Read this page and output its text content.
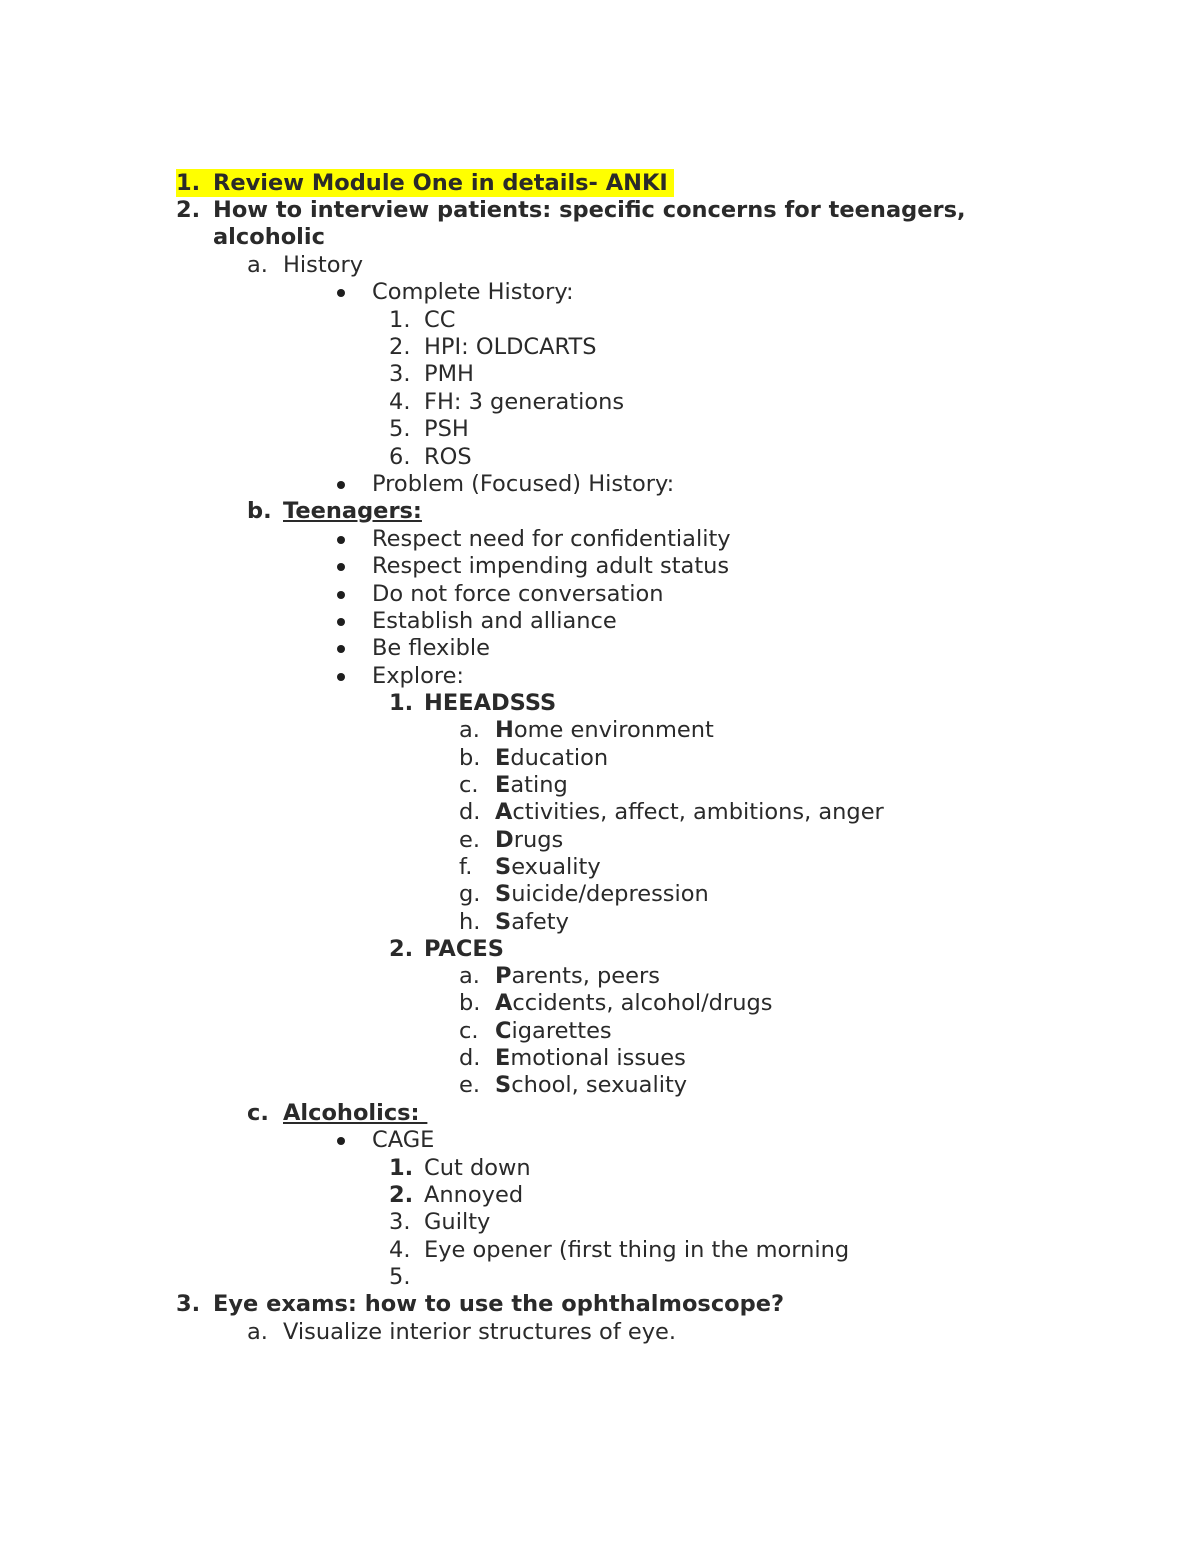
1. Review Module One in details- ANKI
2. How to interview patients: specific concerns for teenagers,
alcoholic
a. History
Complete History:
1. CC
2. HPI: OLDCARTS
3. PMH
4. FH: 3 generations
5. PSH
6. ROS
Problem (Focused) History:
b. Teenagers:
Respect need for confidentiality
Respect impending adult status
Do not force conversation
Establish and alliance
Be flexible
Explore:
1. HEEADSSS
a. Home environment
b. Education
c. Eating
d. Activities, affect, ambitions, anger
e. Drugs
f. Sexuality
g. Suicide/depression
h. Safety
2. PACES
a. Parents, peers
b. Accidents, alcohol/drugs
c. Cigarettes
d. Emotional issues
e. School, sexuality
c. Alcoholics:
CAGE
1. Cut down
2. Annoyed
3. Guilty
4. Eye opener (first thing in the morning
5.
3. Eye exams: how to use the ophthalmoscope?
a. Visualize interior structures of eye.
